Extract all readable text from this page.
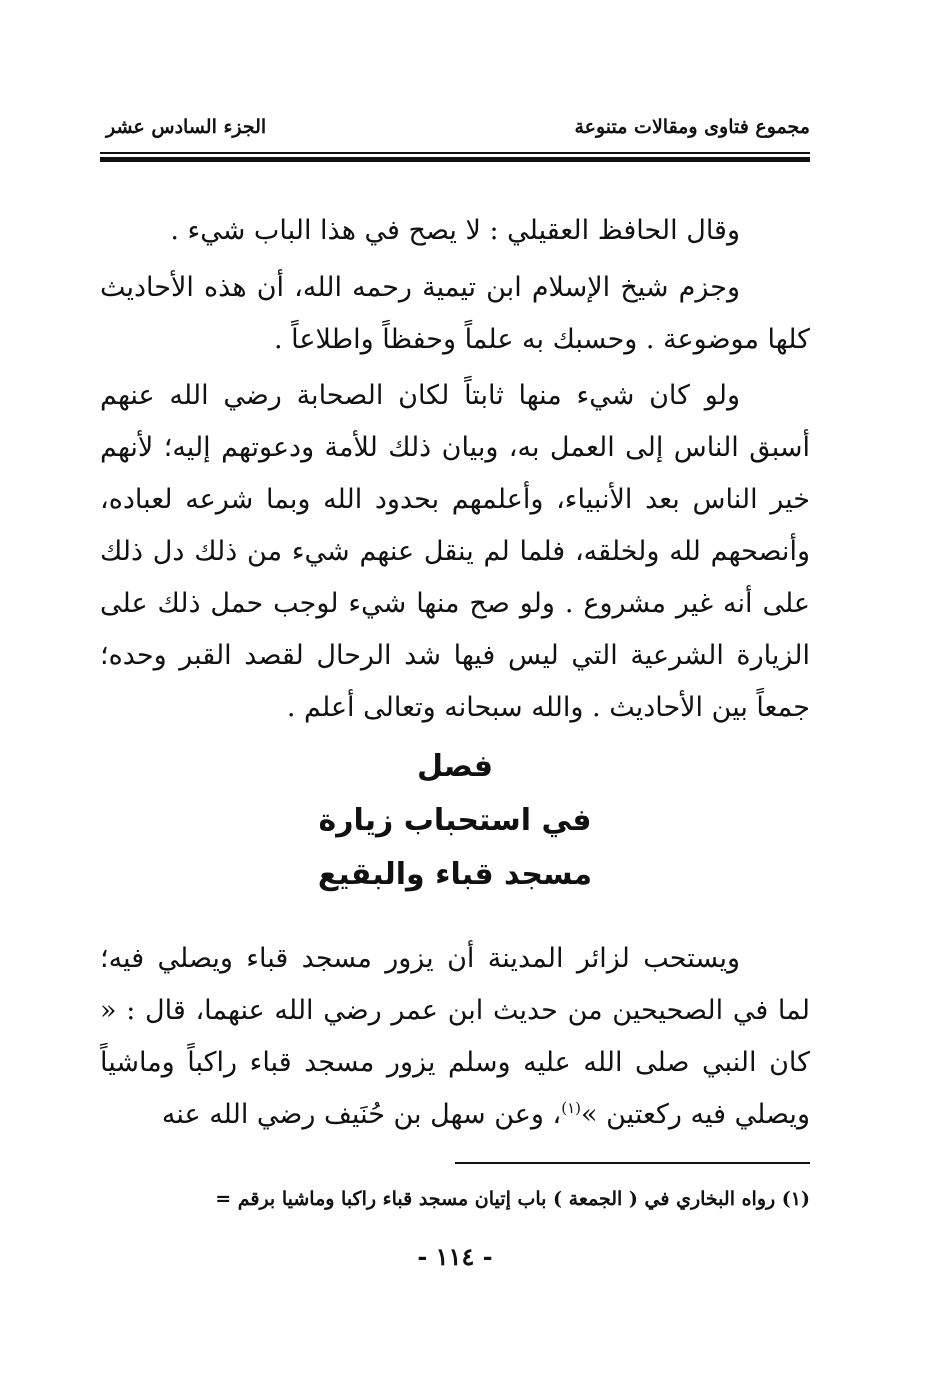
مجموع فتاوى ومقالات متنوعة
الجزء السادس عشر

وقال الحافظ العقيلي : لا يصح في هذا الباب شيء .

وجزم شيخ الإسلام ابن تيمية رحمه الله، أن هذه الأحاديث كلها موضوعة . وحسبك به علماً وحفظاً واطلاعاً .

ولو كان شيء منها ثابتاً لكان الصحابة رضي الله عنهم أسبق الناس إلى العمل به، وبيان ذلك للأمة ودعوتهم إليه؛ لأنهم خير الناس بعد الأنبياء، وأعلمهم بحدود الله وبما شرعه لعباده، وأنصحهم لله ولخلقه، فلما لم ينقل عنهم شيء من ذلك دل ذلك على أنه غير مشروع . ولو صح منها شيء لوجب حمل ذلك على الزيارة الشرعية التي ليس فيها شد الرحال لقصد القبر وحده؛ جمعاً بين الأحاديث . والله سبحانه وتعالى أعلم .

فصل
في استحباب زيارة
مسجد قباء والبقيع

ويستحب لزائر المدينة أن يزور مسجد قباء ويصلي فيه؛ لما في الصحيحين من حديث ابن عمر رضي الله عنهما، قال : « كان النبي صلى الله عليه وسلم يزور مسجد قباء راكباً وماشياً ويصلي فيه ركعتين »$^{(١)}$، وعن سهل بن حُنَيف رضي الله عنه

(١) رواه البخاري في ( الجمعة ) باب إتيان مسجد قباء راكبا وماشيا برقم =
- ١١٤ -
